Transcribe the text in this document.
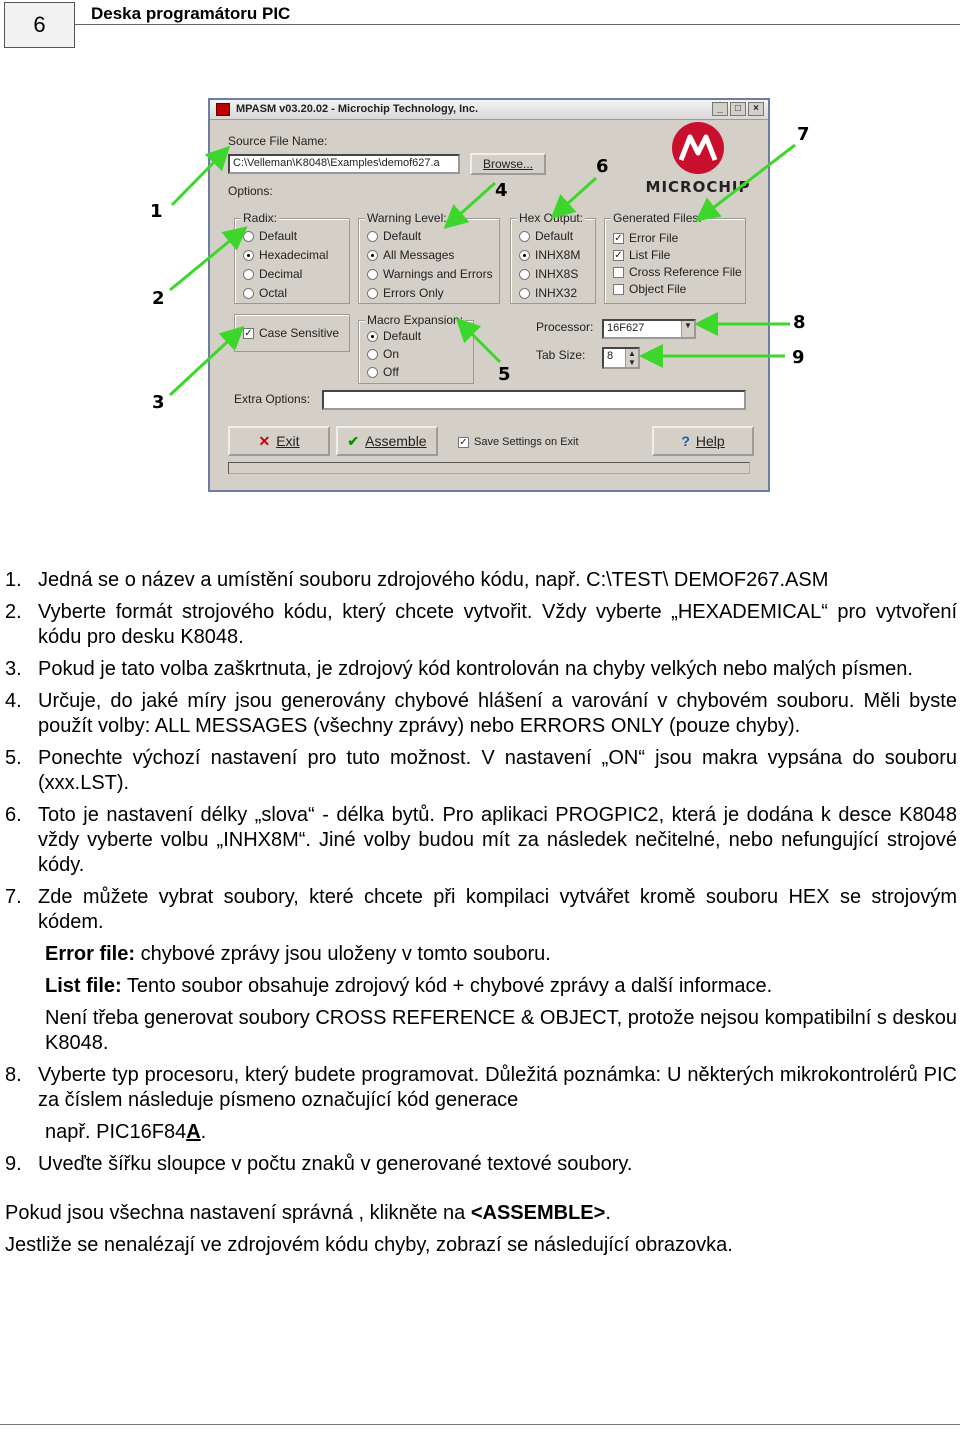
6	Deska programátoru PIC
MPASM v03.20.02 - Microchip Technology, Inc.	_	□	×
Source File Name:
C:\Velleman\K8048\Examples\demof627.a	Browse...
MICROCHIP
Options:
Radix:
Default
Hexadecimal
Decimal
Octal
Warning Level:
Default
All Messages
Warnings and Errors
Errors Only
Hex Output:
Default
INHX8M
INHX8S
INHX32
Generated Files:
✓ Error File
✓ List File
Cross Reference File
Object File
✓ Case Sensitive
Macro Expansion:
Default
On
Off
Processor:	16F627	▼
Tab Size:	8	▲
▼
Extra Options:
✕ Exit	✔ Assemble	✓ Save Settings on Exit	? Help
1
2
3
4
5
6
7
8
9
1. Jedná se o název a umístění souboru zdrojového kódu, např. C:\TEST\ DEMOF267.ASM
2. Vyberte formát strojového kódu, který chcete vytvořit. Vždy vyberte „HEXADEMICAL“ pro vytvoření kódu pro desku K8048.
3. Pokud je tato volba zaškrtnuta, je zdrojový kód kontrolován na chyby velkých nebo malých písmen.
4. Určuje, do jaké míry jsou generovány chybové hlášení a varování v chybovém souboru. Měli byste použít volby: ALL MESSAGES (všechny zprávy) nebo ERRORS ONLY (pouze chyby).
5. Ponechte výchozí nastavení pro tuto možnost. V nastavení „ON“ jsou makra vypsána do souboru (xxx.LST).
6. Toto je nastavení délky „slova“ - délka bytů. Pro aplikaci PROGPIC2, která je dodána k desce K8048 vždy vyberte volbu „INHX8M“. Jiné volby budou mít za následek nečitelné, nebo nefungující strojové kódy.
7. Zde můžete vybrat soubory, které chcete při kompilaci vytvářet kromě souboru HEX se strojovým kódem.
Error file: chybové zprávy jsou uloženy v tomto souboru.
List file: Tento soubor obsahuje zdrojový kód + chybové zprávy a další informace.
Není třeba generovat soubory CROSS REFERENCE & OBJECT, protože nejsou kompatibilní s deskou K8048.
8. Vyberte typ procesoru, který budete programovat. Důležitá poznámka: U některých mikrokontrolérů PIC za číslem následuje písmeno označující kód generace
např. PIC16F84A.
9. Uveďte šířku sloupce v počtu znaků v generované textové soubory.
Pokud jsou všechna nastavení správná , klikněte na <ASSEMBLE>.
Jestliže se nenalézají ve zdrojovém kódu chyby, zobrazí se následující obrazovka.
